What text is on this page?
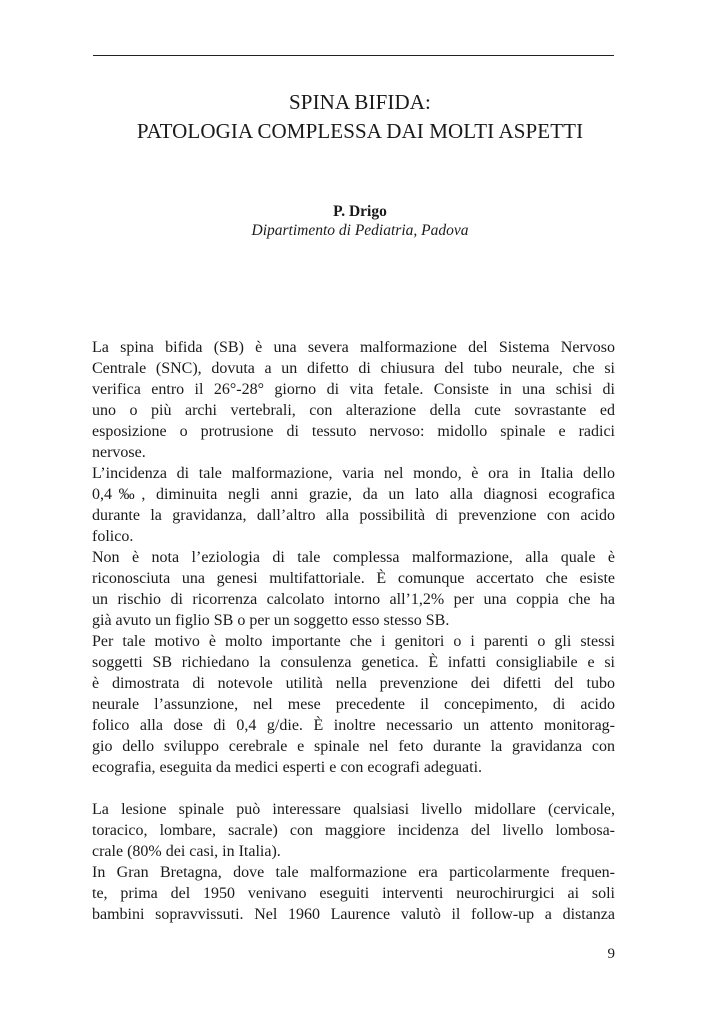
SPINA BIFIDA:
PATOLOGIA COMPLESSA DAI MOLTI ASPETTI
P. Drigo
Dipartimento di Pediatria, Padova
La spina bifida (SB) è una severa malformazione del Sistema Nervoso
Centrale (SNC), dovuta a un difetto di chiusura del tubo neurale, che si
verifica entro il 26°-28° giorno di vita fetale. Consiste in una schisi di
uno o più archi vertebrali, con alterazione della cute sovrastante ed
esposizione o protrusione di tessuto nervoso: midollo spinale e radici
nervose.
L’incidenza di tale malformazione, varia nel mondo, è ora in Italia dello
0,4‰, diminuita negli anni grazie, da un lato alla diagnosi ecografica
durante la gravidanza, dall’altro alla possibilità di prevenzione con acido
folico.
Non è nota l’eziologia di tale complessa malformazione, alla quale è
riconosciuta una genesi multifattoriale. È comunque accertato che esiste
un rischio di ricorrenza calcolato intorno all’1,2% per una coppia che ha
già avuto un figlio SB o per un soggetto esso stesso SB.
Per tale motivo è molto importante che i genitori o i parenti o gli stessi
soggetti SB richiedano la consulenza genetica. È infatti consigliabile e si
è dimostrata di notevole utilità nella prevenzione dei difetti del tubo
neurale l’assunzione, nel mese precedente il concepimento, di acido
folico alla dose di 0,4 g/die. È inoltre necessario un attento monitorag-
gio dello sviluppo cerebrale e spinale nel feto durante la gravidanza con
ecografia, eseguita da medici esperti e con ecografi adeguati.
La lesione spinale può interessare qualsiasi livello midollare (cervicale,
toracico, lombare, sacrale) con maggiore incidenza del livello lombosa-
crale (80% dei casi, in Italia).
In Gran Bretagna, dove tale malformazione era particolarmente frequen-
te, prima del 1950 venivano eseguiti interventi neurochirurgici ai soli
bambini sopravvissuti. Nel 1960 Laurence valutò il follow-up a distanza
9
